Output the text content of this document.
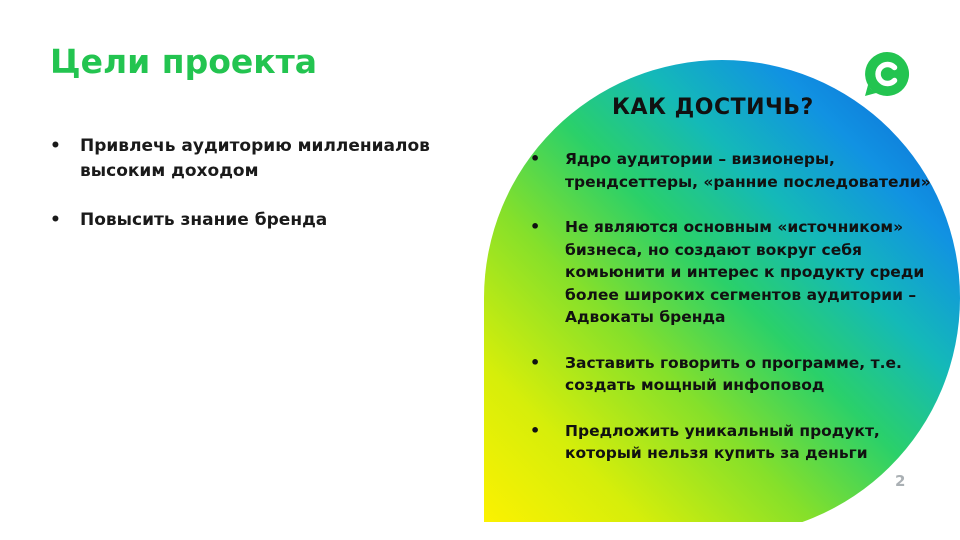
Цели проекта
• Привлечь аудиторию миллениалов
высоким доходом
• Повысить знание бренда
КАК ДОСТИЧЬ?
• Ядро аудитории – визионеры,
трендсеттеры, «ранние последователи»
• Не являются основным «источником»
бизнеса, но создают вокруг себя
комьюнити и интерес к продукту среди
более широких сегментов аудитории –
Адвокаты бренда
• Заставить говорить о программе, т.е.
создать мощный инфоповод
• Предложить уникальный продукт,
который нельзя купить за деньги
2
